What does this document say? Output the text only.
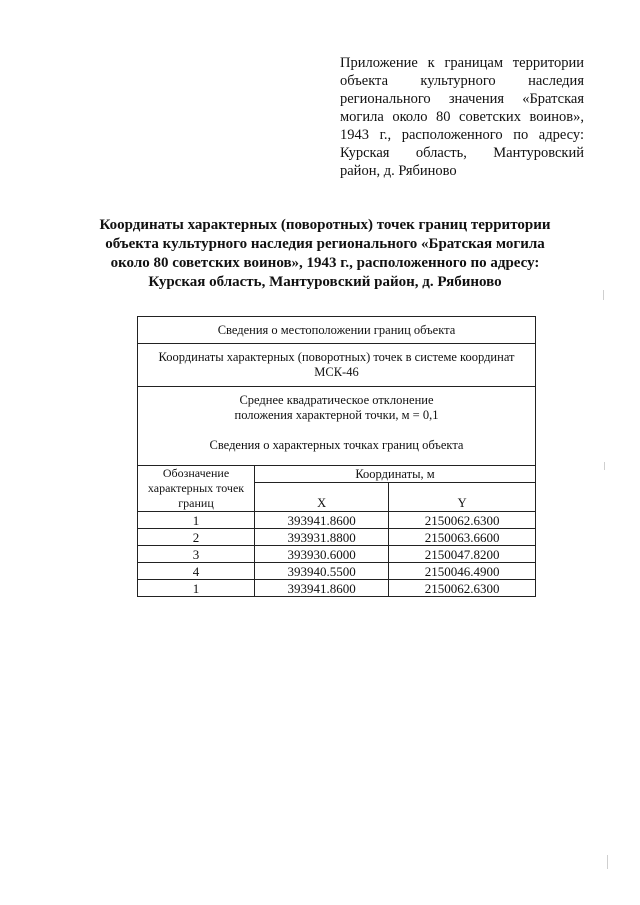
Приложение к границам территории
объекта культурного наследия
регионального значения «Братская
могила около 80 советских воинов»,
1943 г., расположенного по адресу:
Курская область, Мантуровский
район, д. Рябиново
Координаты характерных (поворотных) точек границ территории
объекта культурного наследия регионального «Братская могила
около 80 советских воинов», 1943 г., расположенного по адресу:
Курская область, Мантуровский район, д. Рябиново
Сведения о местоположении границ объекта		

Координаты характерных (поворотных) точек в системе координат
МСК-46		

Среднее квадратическое отклонение
положения характерной точки, м = 0,1
Сведения о характерных точках границ объекта		

Обозначение
характерных точек
границ	Координаты, м	
	X	Y
1	393941.8600	2150062.6300
2	393931.8800	2150063.6600
3	393930.6000	2150047.8200
4	393940.5500	2150046.4900
1	393941.8600	2150062.6300
